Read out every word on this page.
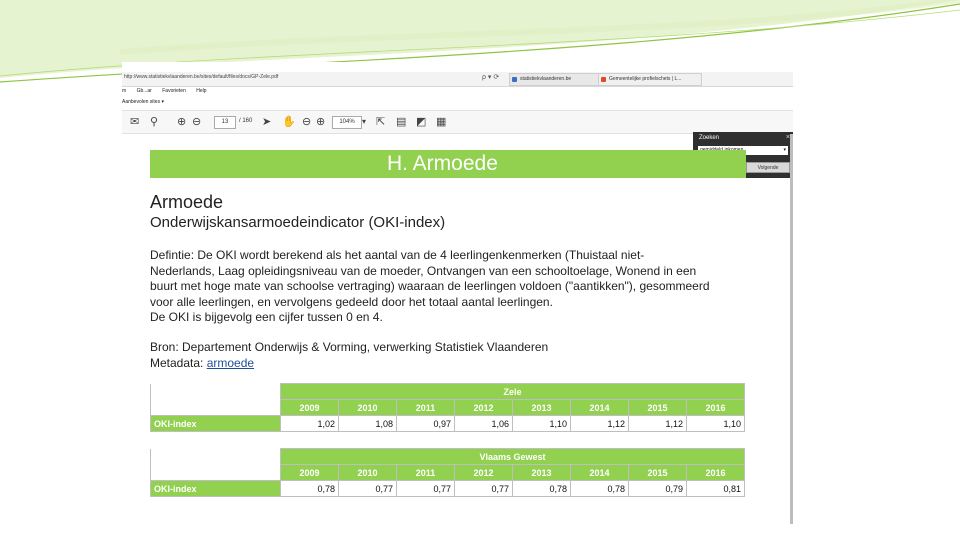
http://www.statistiekvlaanderen.be/sites/default/files/docs/GP-Zele.pdf	ρ ▾ ⟳	statistiekvlaanderen.be	Gemeentelijke profielschets | L...
m Gb...ar Favorieten Help
Aanbevolen sites ▾
✉ ⚲ ⊕ ⊖	13	/ 160 ➤ ✋ ⊖ ⊕	104% ▾ ⇱ ▤ ◩ ▦
Zoeken	×
▾
Volgende
H. Armoede
Armoede
Onderwijskansarmoedeindicator (OKI-index)
Defintie: De OKI wordt berekend als het aantal van de 4 leerlingenkenmerken (Thuistaal niet-
Nederlands, Laag opleidingsniveau van de moeder, Ontvangen van een schooltoelage, Wonend in een
buurt met hoge mate van schoolse vertraging) waaraan de leerlingen voldoen ("aantikken"), gesommeerd
voor alle leerlingen, en vervolgens gedeeld door het totaal aantal leerlingen.
De OKI is bijgevolg een cijfer tussen 0 en 4.
Bron: Departement Onderwijs & Vorming, verwerking Statistiek Vlaanderen
Metadata: armoede
	Zele							
	2009	2010	2011	2012	2013	2014	2015	2016
OKI-index	1,02	1,08	0,97	1,06	1,10	1,12	1,12	1,10
	Vlaams Gewest							
	2009	2010	2011	2012	2013	2014	2015	2016
OKI-index	0,78	0,77	0,77	0,77	0,78	0,78	0,79	0,81
